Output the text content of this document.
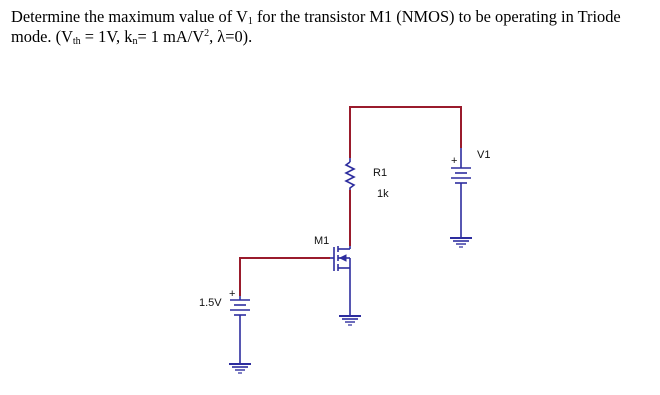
Determine the maximum value of $V_1$ for the transistor M1 (NMOS) to be operating in Triode
mode. ($V_{th} = 1V$, $k_n= 1$ $mA/V^2$, λ=0).
R1
1k
+ V1
M1
+
1.5V
